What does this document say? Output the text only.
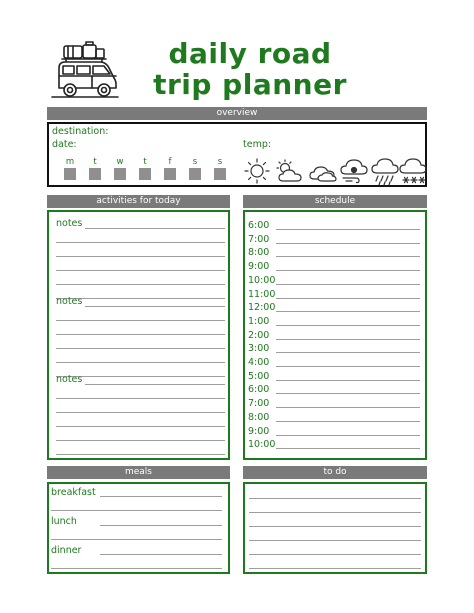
daily road
trip planner
overview
destination:
date:	temp:
m	t	w	t	f	s	s
activities for today
notes
notes
notes
schedule
6:00
7:00
8:00
9:00
10:00
11:00
12:00
1:00
2:00
3:00
4:00
5:00
6:00
7:00
8:00
9:00
10:00
meals
breakfast
lunch
dinner
to do
